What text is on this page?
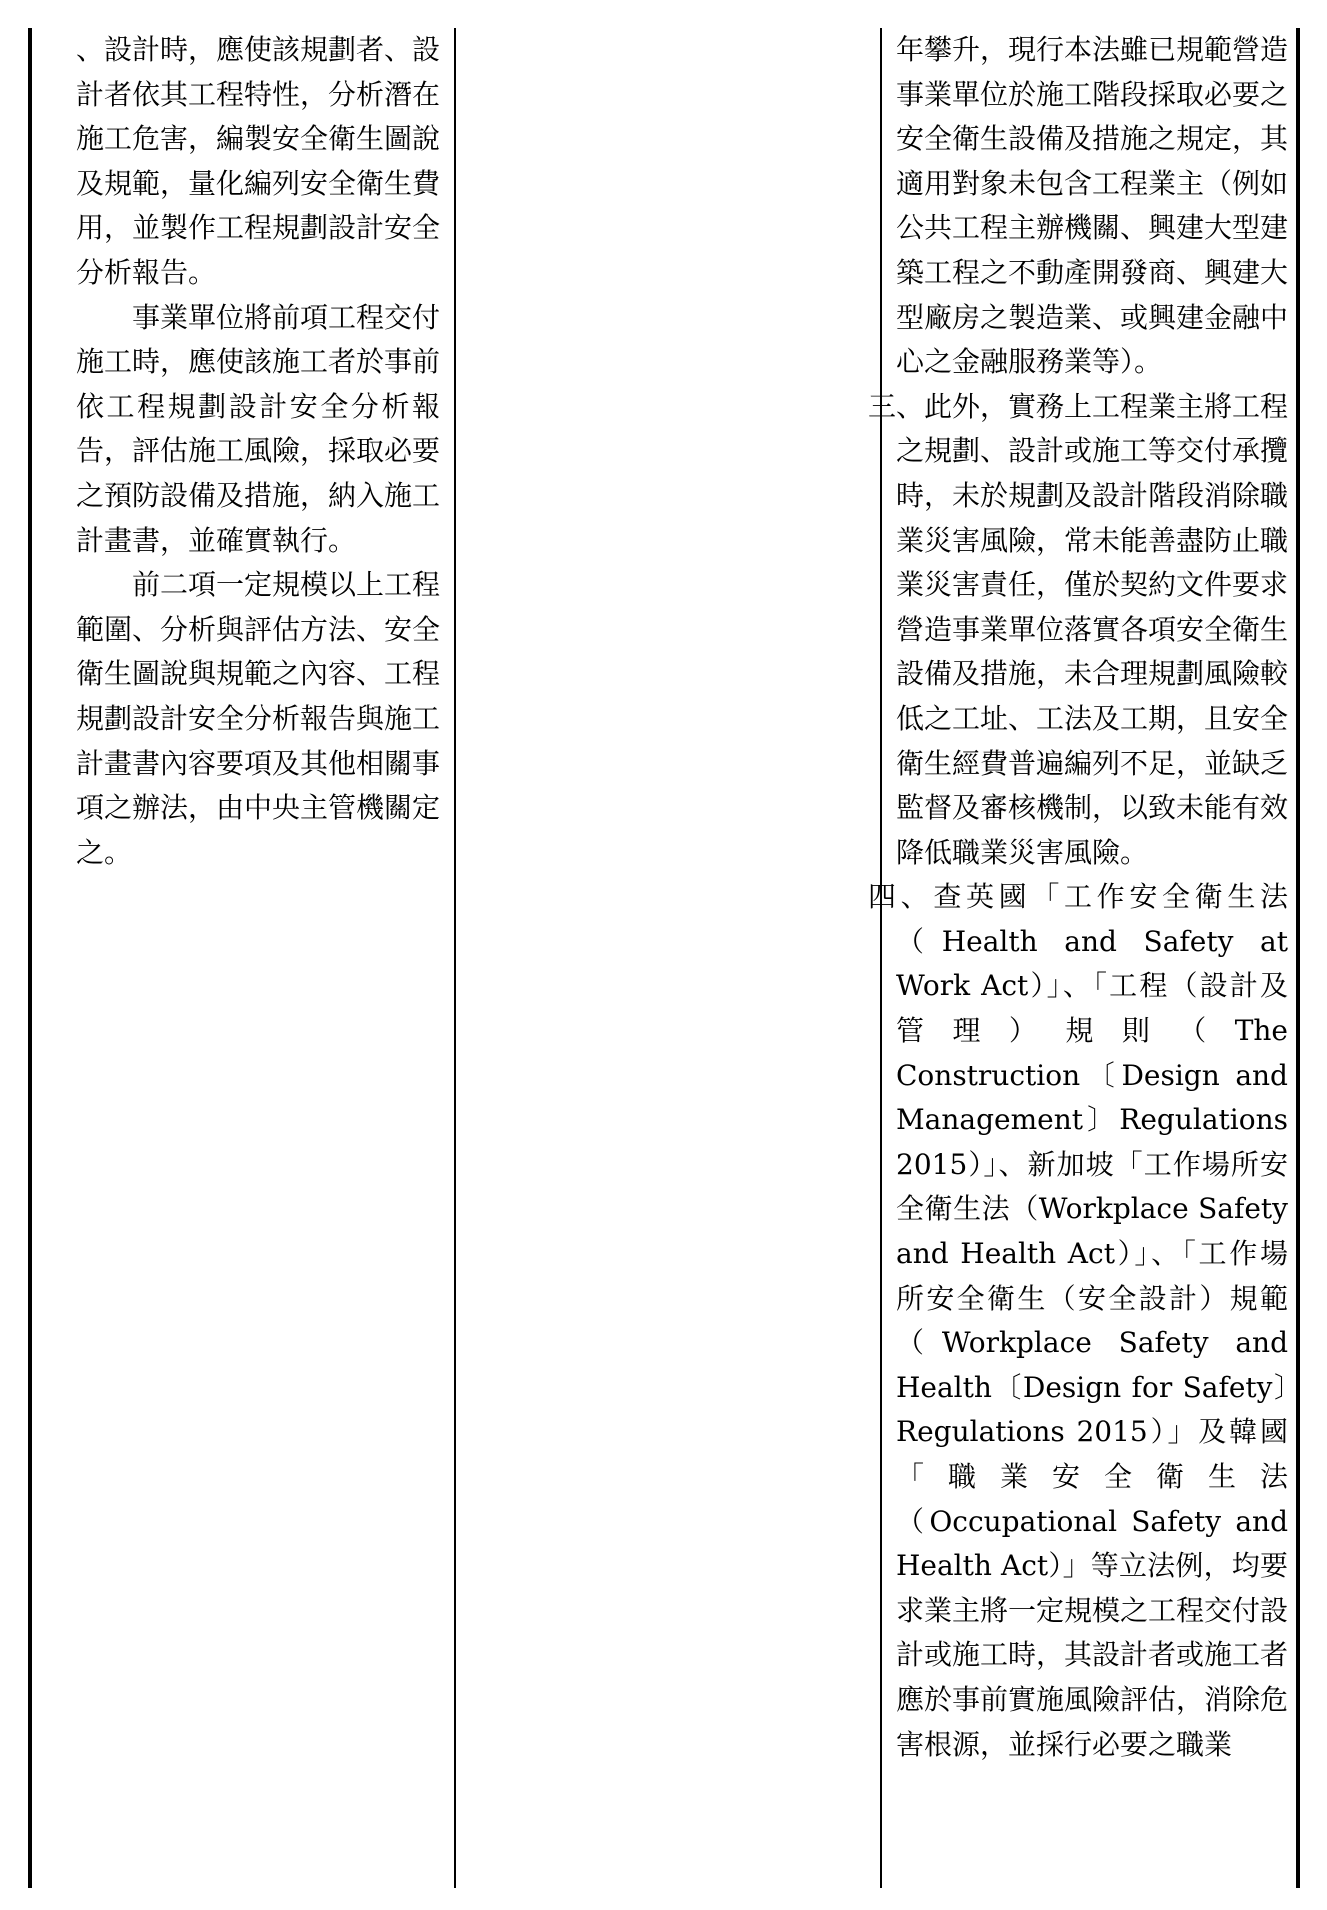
、設計時，應使該規劃者、設計者依其工程特性，分析潛在施工危害，編製安全衛生圖說及規範，量化編列安全衛生費用，並製作工程規劃設計安全分析報告。

事業單位將前項工程交付施工時，應使該施工者於事前依工程規劃設計安全分析報告，評估施工風險，採取必要之預防設備及措施，納入施工計畫書，並確實執行。

前二項一定規模以上工程範圍、分析與評估方法、安全衛生圖說與規範之內容、工程規劃設計安全分析報告與施工計畫書內容要項及其他相關事項之辦法，由中央主管機關定之。

年攀升，現行本法雖已規範營造事業單位於施工階段採取必要之安全衛生設備及措施之規定，其適用對象未包含工程業主（例如公共工程主辦機關、興建大型建築工程之不動產開發商、興建大型廠房之製造業、或興建金融中心之金融服務業等）。

三、此外，實務上工程業主將工程之規劃、設計或施工等交付承攬時，未於規劃及設計階段消除職業災害風險，常未能善盡防止職業災害責任，僅於契約文件要求營造事業單位落實各項安全衛生設備及措施，未合理規劃風險較低之工址、工法及工期，且安全衛生經費普遍編列不足，並缺乏監督及審核機制，以致未能有效降低職業災害風險。

四、查英國「工作安全衛生法（Health and Safety at Work Act）」、「工程（設計及管理）規則（The Construction〔Design and Management〕Regulations 2015）」、新加坡「工作場所安全衛生法（Workplace Safety and Health Act）」、「工作場所安全衛生（安全設計）規範（Workplace Safety and Health〔Design for Safety〕Regulations 2015）」及韓國「職業安全衛生法（Occupational Safety and Health Act）」等立法例，均要求業主將一定規模之工程交付設計或施工時，其設計者或施工者應於事前實施風險評估，消除危害根源，並採行必要之職業
